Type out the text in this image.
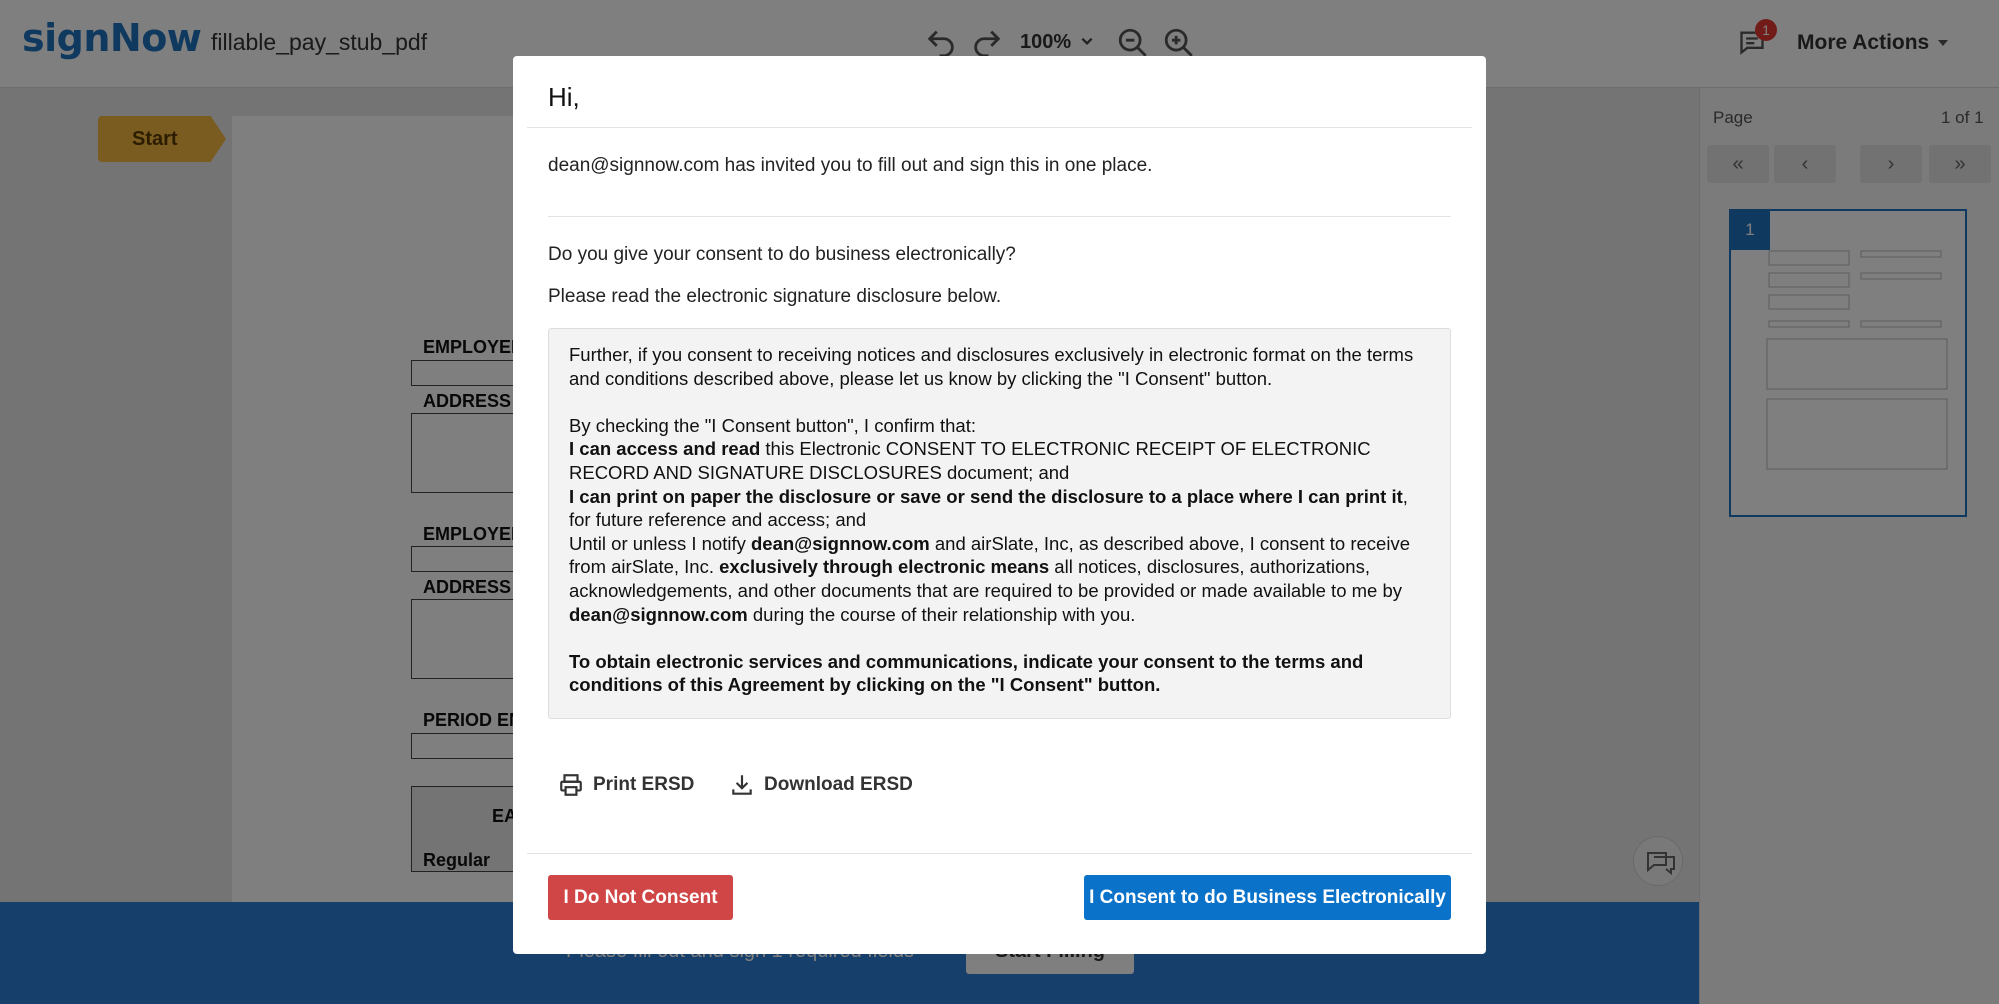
Hi,
dean@signnow.com has invited you to fill out and sign this in one place.
Do you give your consent to do business electronically?
Please read the electronic signature disclosure below.

Further, if you consent to receiving notices and disclosures exclusively in electronic format on the terms and conditions described above, please let us know by clicking the "I Consent" button.

By checking the "I Consent button", I confirm that:

I can access and read this Electronic CONSENT TO ELECTRONIC RECEIPT OF ELECTRONIC RECORD AND SIGNATURE DISCLOSURES document; and

I can print on paper the disclosure or save or send the disclosure to a place where I can print it, for future reference and access; and

Until or unless I notify dean@signnow.com and airSlate, Inc, as described above, I consent to receive from airSlate, Inc. exclusively through electronic means all notices, disclosures, authorizations, acknowledgements, and other documents that are required to be provided or made available to me by dean@signnow.com during the course of their relationship with you.

To obtain electronic services and communications, indicate your consent to the terms and conditions of this Agreement by clicking on the "I Consent" button.

Print ERSD	Download ERSD
I Do Not Consent	I Consent to do Business Electronically
